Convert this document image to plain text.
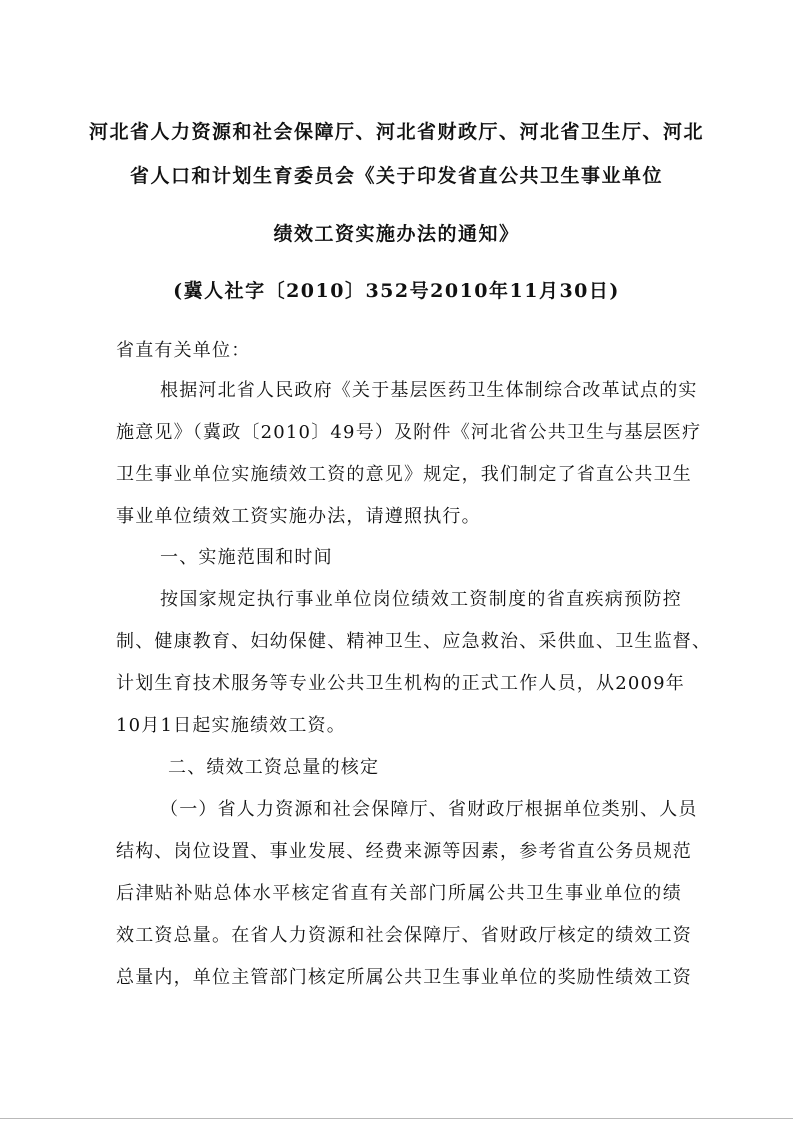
河北省人力资源和社会保障厅、河北省财政厅、河北省卫生厅、河北
省人口和计划生育委员会《关于印发省直公共卫生事业单位
绩效工资实施办法的通知》
(冀人社字〔2010〕352号2010年11月30日)

省直有关单位：

根据河北省人民政府《关于基层医药卫生体制综合改革试点的实

施意见》（冀政〔2010〕49号）及附件《河北省公共卫生与基层医疗

卫生事业单位实施绩效工资的意见》规定，我们制定了省直公共卫生

事业单位绩效工资实施办法，请遵照执行。

一、实施范围和时间

按国家规定执行事业单位岗位绩效工资制度的省直疾病预防控

制、健康教育、妇幼保健、精神卫生、应急救治、采供血、卫生监督、

计划生育技术服务等专业公共卫生机构的正式工作人员，从2009年

10月1日起实施绩效工资。

二、绩效工资总量的核定

（一）省人力资源和社会保障厅、省财政厅根据单位类别、人员

结构、岗位设置、事业发展、经费来源等因素，参考省直公务员规范

后津贴补贴总体水平核定省直有关部门所属公共卫生事业单位的绩

效工资总量。在省人力资源和社会保障厅、省财政厅核定的绩效工资

总量内，单位主管部门核定所属公共卫生事业单位的奖励性绩效工资
